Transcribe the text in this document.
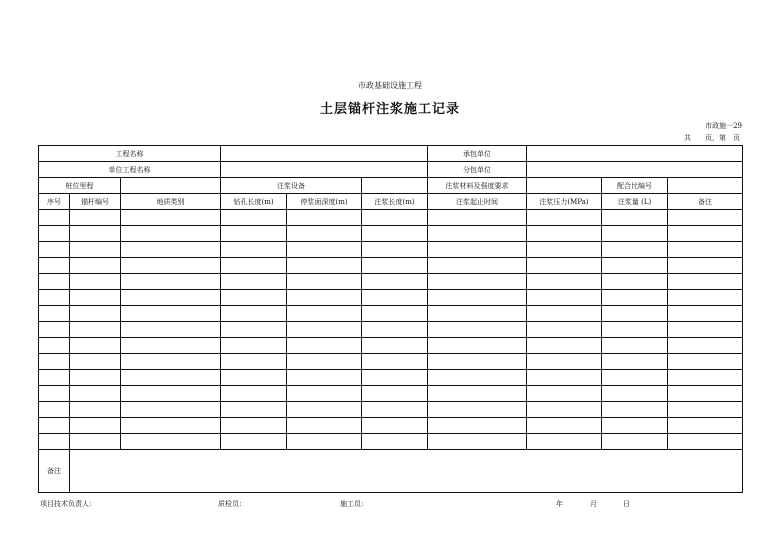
市政基础设施工程
土层锚杆注浆施工记录
市政施一29
共　　页，第　页
工程名称						承包单位			
单位工程名称						分包单位			
桩位里程			注浆设备			注浆材料及强度要求		配合比编号	
序号	锚杆编号	地质类别	钻孔长度(m)	停浆面深度(m)	注浆长度(m)	注浆起止时间	注浆压力(MPa)	注浆量 (L)	备注

备注									
项目技术负责人：	质检员：	施工员：	年	月	日
